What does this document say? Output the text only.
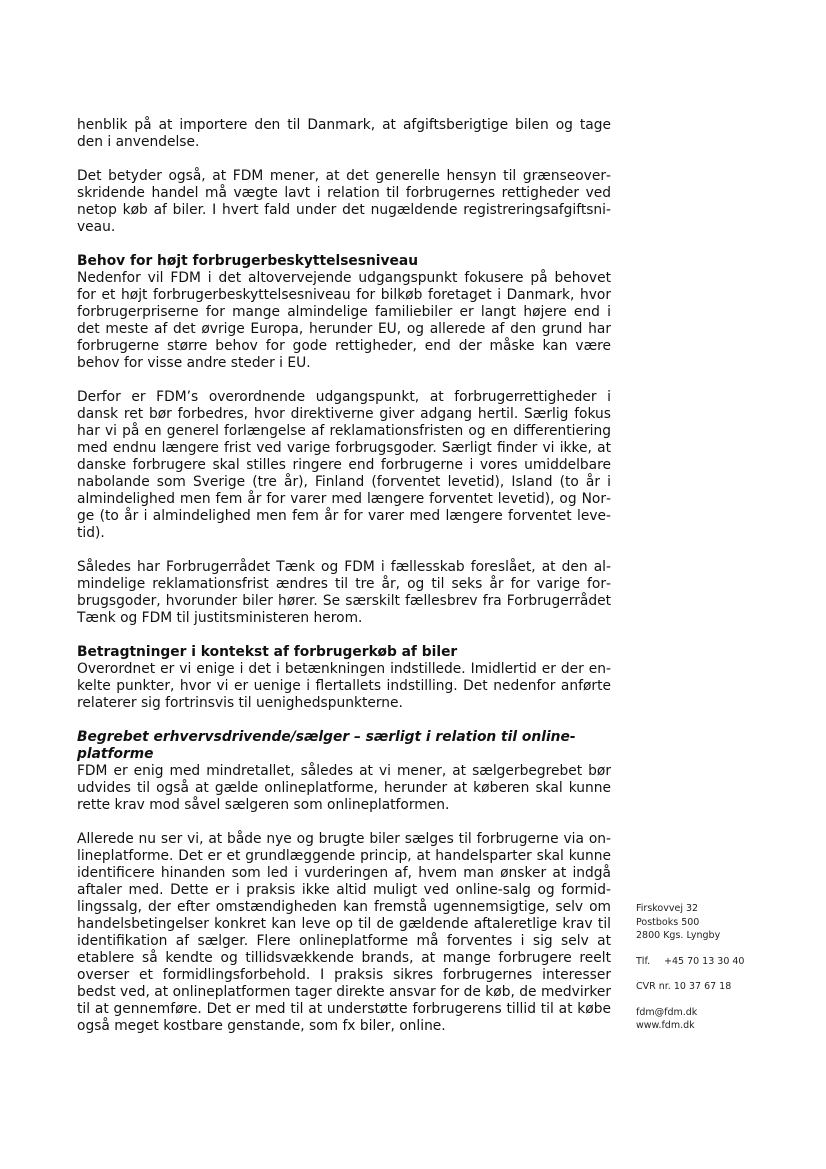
henblik på at importere den til Danmark, at afgiftsberigtige bilen og tage den i anvendelse.

Det betyder også, at FDM mener, at det generelle hensyn til grænseoverskridende handel må vægte lavt i relation til forbrugernes rettigheder ved netop køb af biler. I hvert fald under det nugældende registreringsafgiftsniveau.

Behov for højt forbrugerbeskyttelsesniveau

Nedenfor vil FDM i det altovervejende udgangspunkt fokusere på behovet for et højt forbrugerbeskyttelsesniveau for bilkøb foretaget i Danmark, hvor forbrugerpriserne for mange almindelige familiebiler er langt højere end i det meste af det øvrige Europa, herunder EU, og allerede af den grund har forbrugerne større behov for gode rettigheder, end der måske kan være behov for visse andre steder i EU.

Derfor er FDM’s overordnende udgangspunkt, at forbrugerrettigheder i dansk ret bør forbedres, hvor direktiverne giver adgang hertil. Særlig fokus har vi på en generel forlængelse af reklamationsfristen og en differentiering med endnu længere frist ved varige forbrugsgoder. Særligt finder vi ikke, at danske forbrugere skal stilles ringere end forbrugerne i vores umiddelbare nabolande som Sverige (tre år), Finland (forventet levetid), Island (to år i almindelighed men fem år for varer med længere forventet levetid), og Norge (to år i almindelighed men fem år for varer med længere forventet levetid).

Således har Forbrugerrådet Tænk og FDM i fællesskab foreslået, at den almindelige reklamationsfrist ændres til tre år, og til seks år for varige forbrugsgoder, hvorunder biler hører. Se særskilt fællesbrev fra Forbrugerrådet Tænk og FDM til justitsministeren herom.

Betragtninger i kontekst af forbrugerkøb af biler

Overordnet er vi enige i det i betænkningen indstillede. Imidlertid er der enkelte punkter, hvor vi er uenige i flertallets indstilling. Det nedenfor anførte relaterer sig fortrinsvis til uenighedspunkterne.

Begrebet erhvervsdrivende/sælger – særligt i relation til onlineplatforme

FDM er enig med mindretallet, således at vi mener, at sælgerbegrebet bør udvides til også at gælde onlineplatforme, herunder at køberen skal kunne rette krav mod såvel sælgeren som onlineplatformen.

Allerede nu ser vi, at både nye og brugte biler sælges til forbrugerne via onlineplatforme. Det er et grundlæggende princip, at handelsparter skal kunne identificere hinanden som led i vurderingen af, hvem man ønsker at indgå aftaler med. Dette er i praksis ikke altid muligt ved online-salg og formidlingssalg, der efter omstændigheden kan fremstå ugennemsigtige, selv om handelsbetingelser konkret kan leve op til de gældende aftaleretlige krav til identifikation af sælger. Flere onlineplatforme må forventes i sig selv at etablere så kendte og tillidsvækkende brands, at mange forbrugere reelt overser et formidlingsforbehold. I praksis sikres forbrugernes interesser bedst ved, at onlineplatformen tager direkte ansvar for de køb, de medvirker til at gennemføre. Det er med til at understøtte forbrugerens tillid til at købe også meget kostbare genstande, som fx biler, online.

Firskovvej 32
Postboks 500
2800 Kgs. Lyngby
Tlf. +45 70 13 30 40
CVR nr. 10 37 67 18
fdm@fdm.dk
www.fdm.dk
